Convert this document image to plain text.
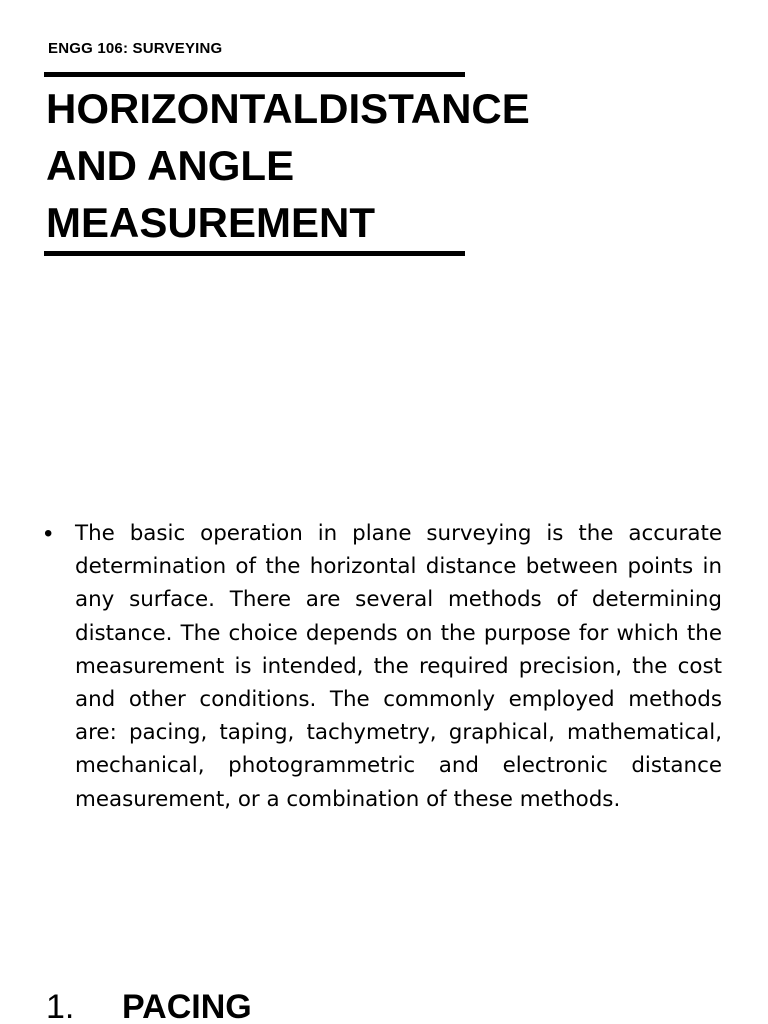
ENGG 106: SURVEYING
HORIZONTALDISTANCE
AND ANGLE
MEASUREMENT
• The basic operation in plane surveying is the accurate determination of the horizontal distance between points in any surface. There are several methods of determining distance. The choice depends on the purpose for which the measurement is intended, the required precision, the cost and other conditions. The commonly employed methods are: pacing, taping, tachymetry, graphical, mathematical, mechanical, photogrammetric and electronic distance measurement, or a combination of these methods.

1. PACING
